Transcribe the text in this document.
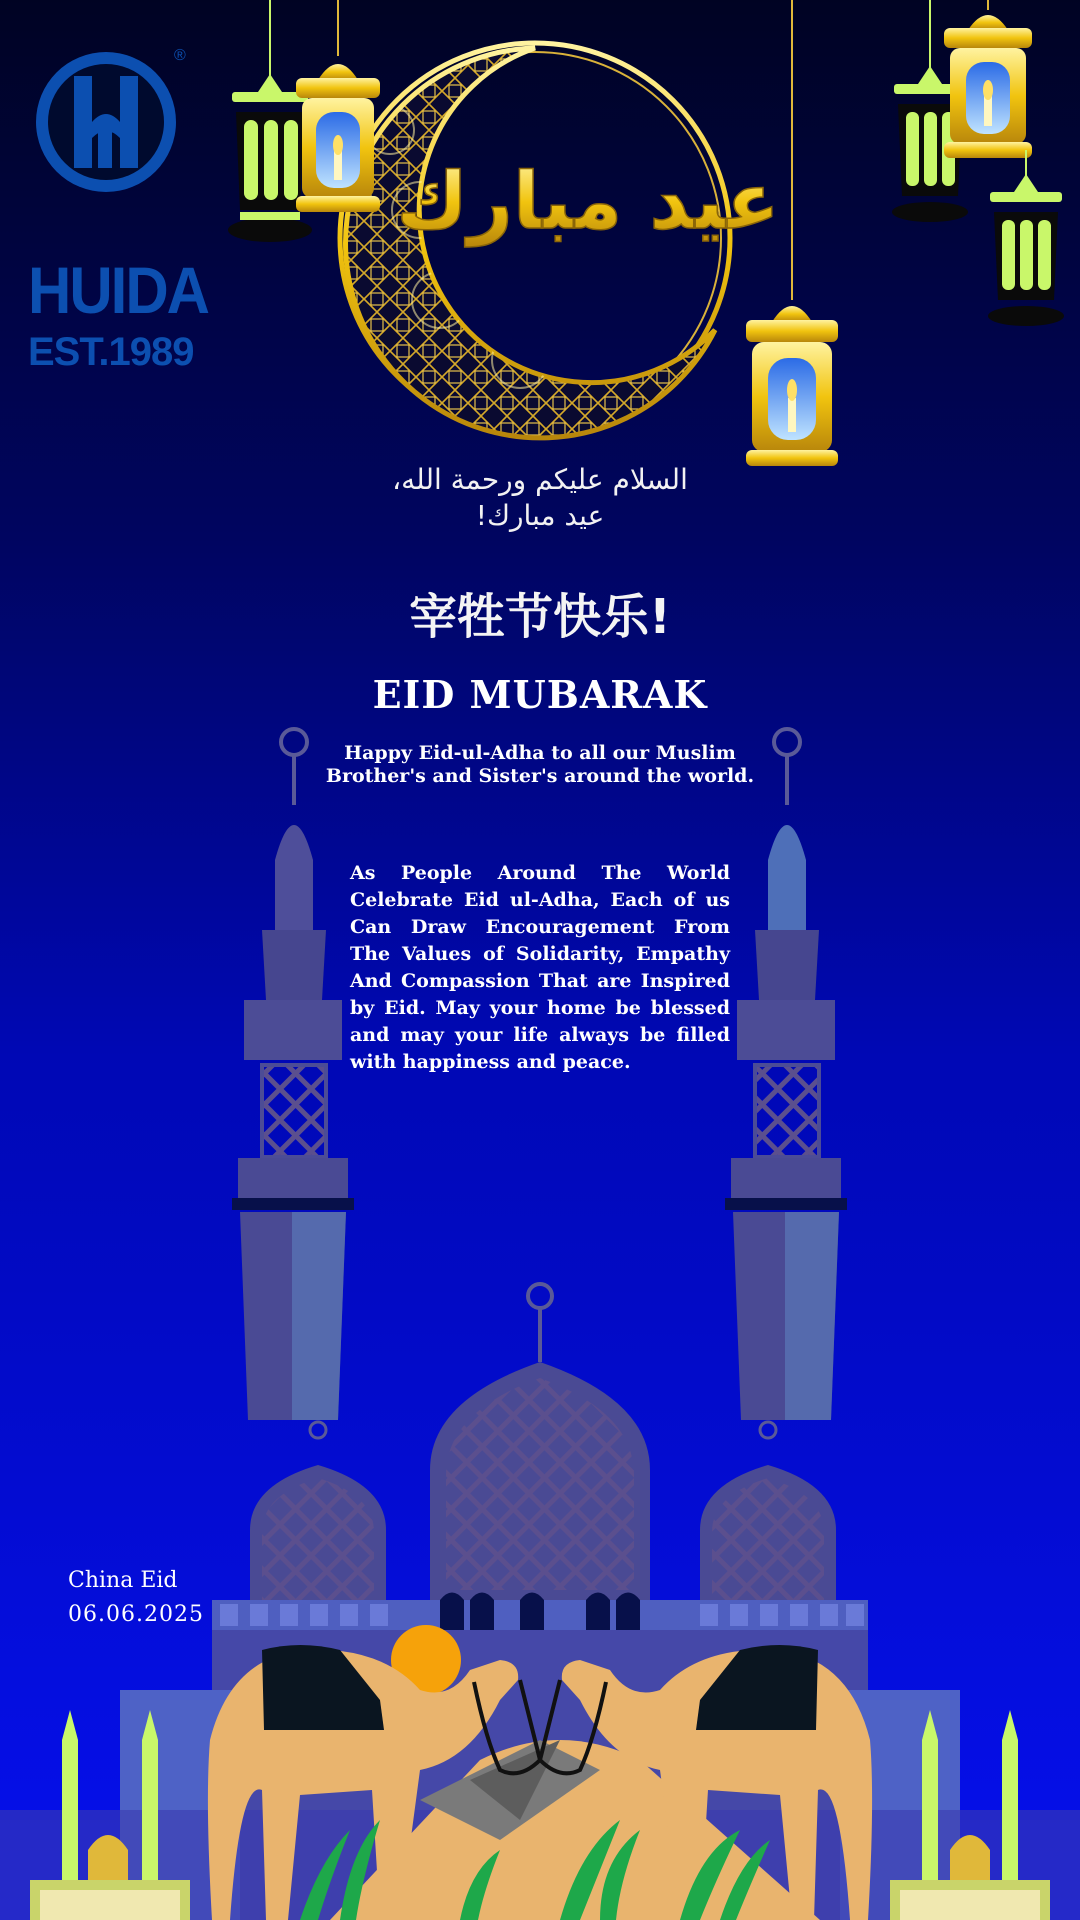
عيد مبارك
®
HUIDA
EST.1989
السلام عليكم ورحمة الله،
عيد مبارك!
宰牲节快乐!
EID MUBARAK
Happy Eid-ul-Adha to all our Muslim Brother's and Sister's around the world.

As People Around The World Celebrate Eid ul-Adha, Each of us Can Draw Encouragement From The Values of Solidarity, Empathy And Compassion That are Inspired by Eid. May your home be blessed and may your life always be filled with happiness and peace.

China Eid

06.06.2025
